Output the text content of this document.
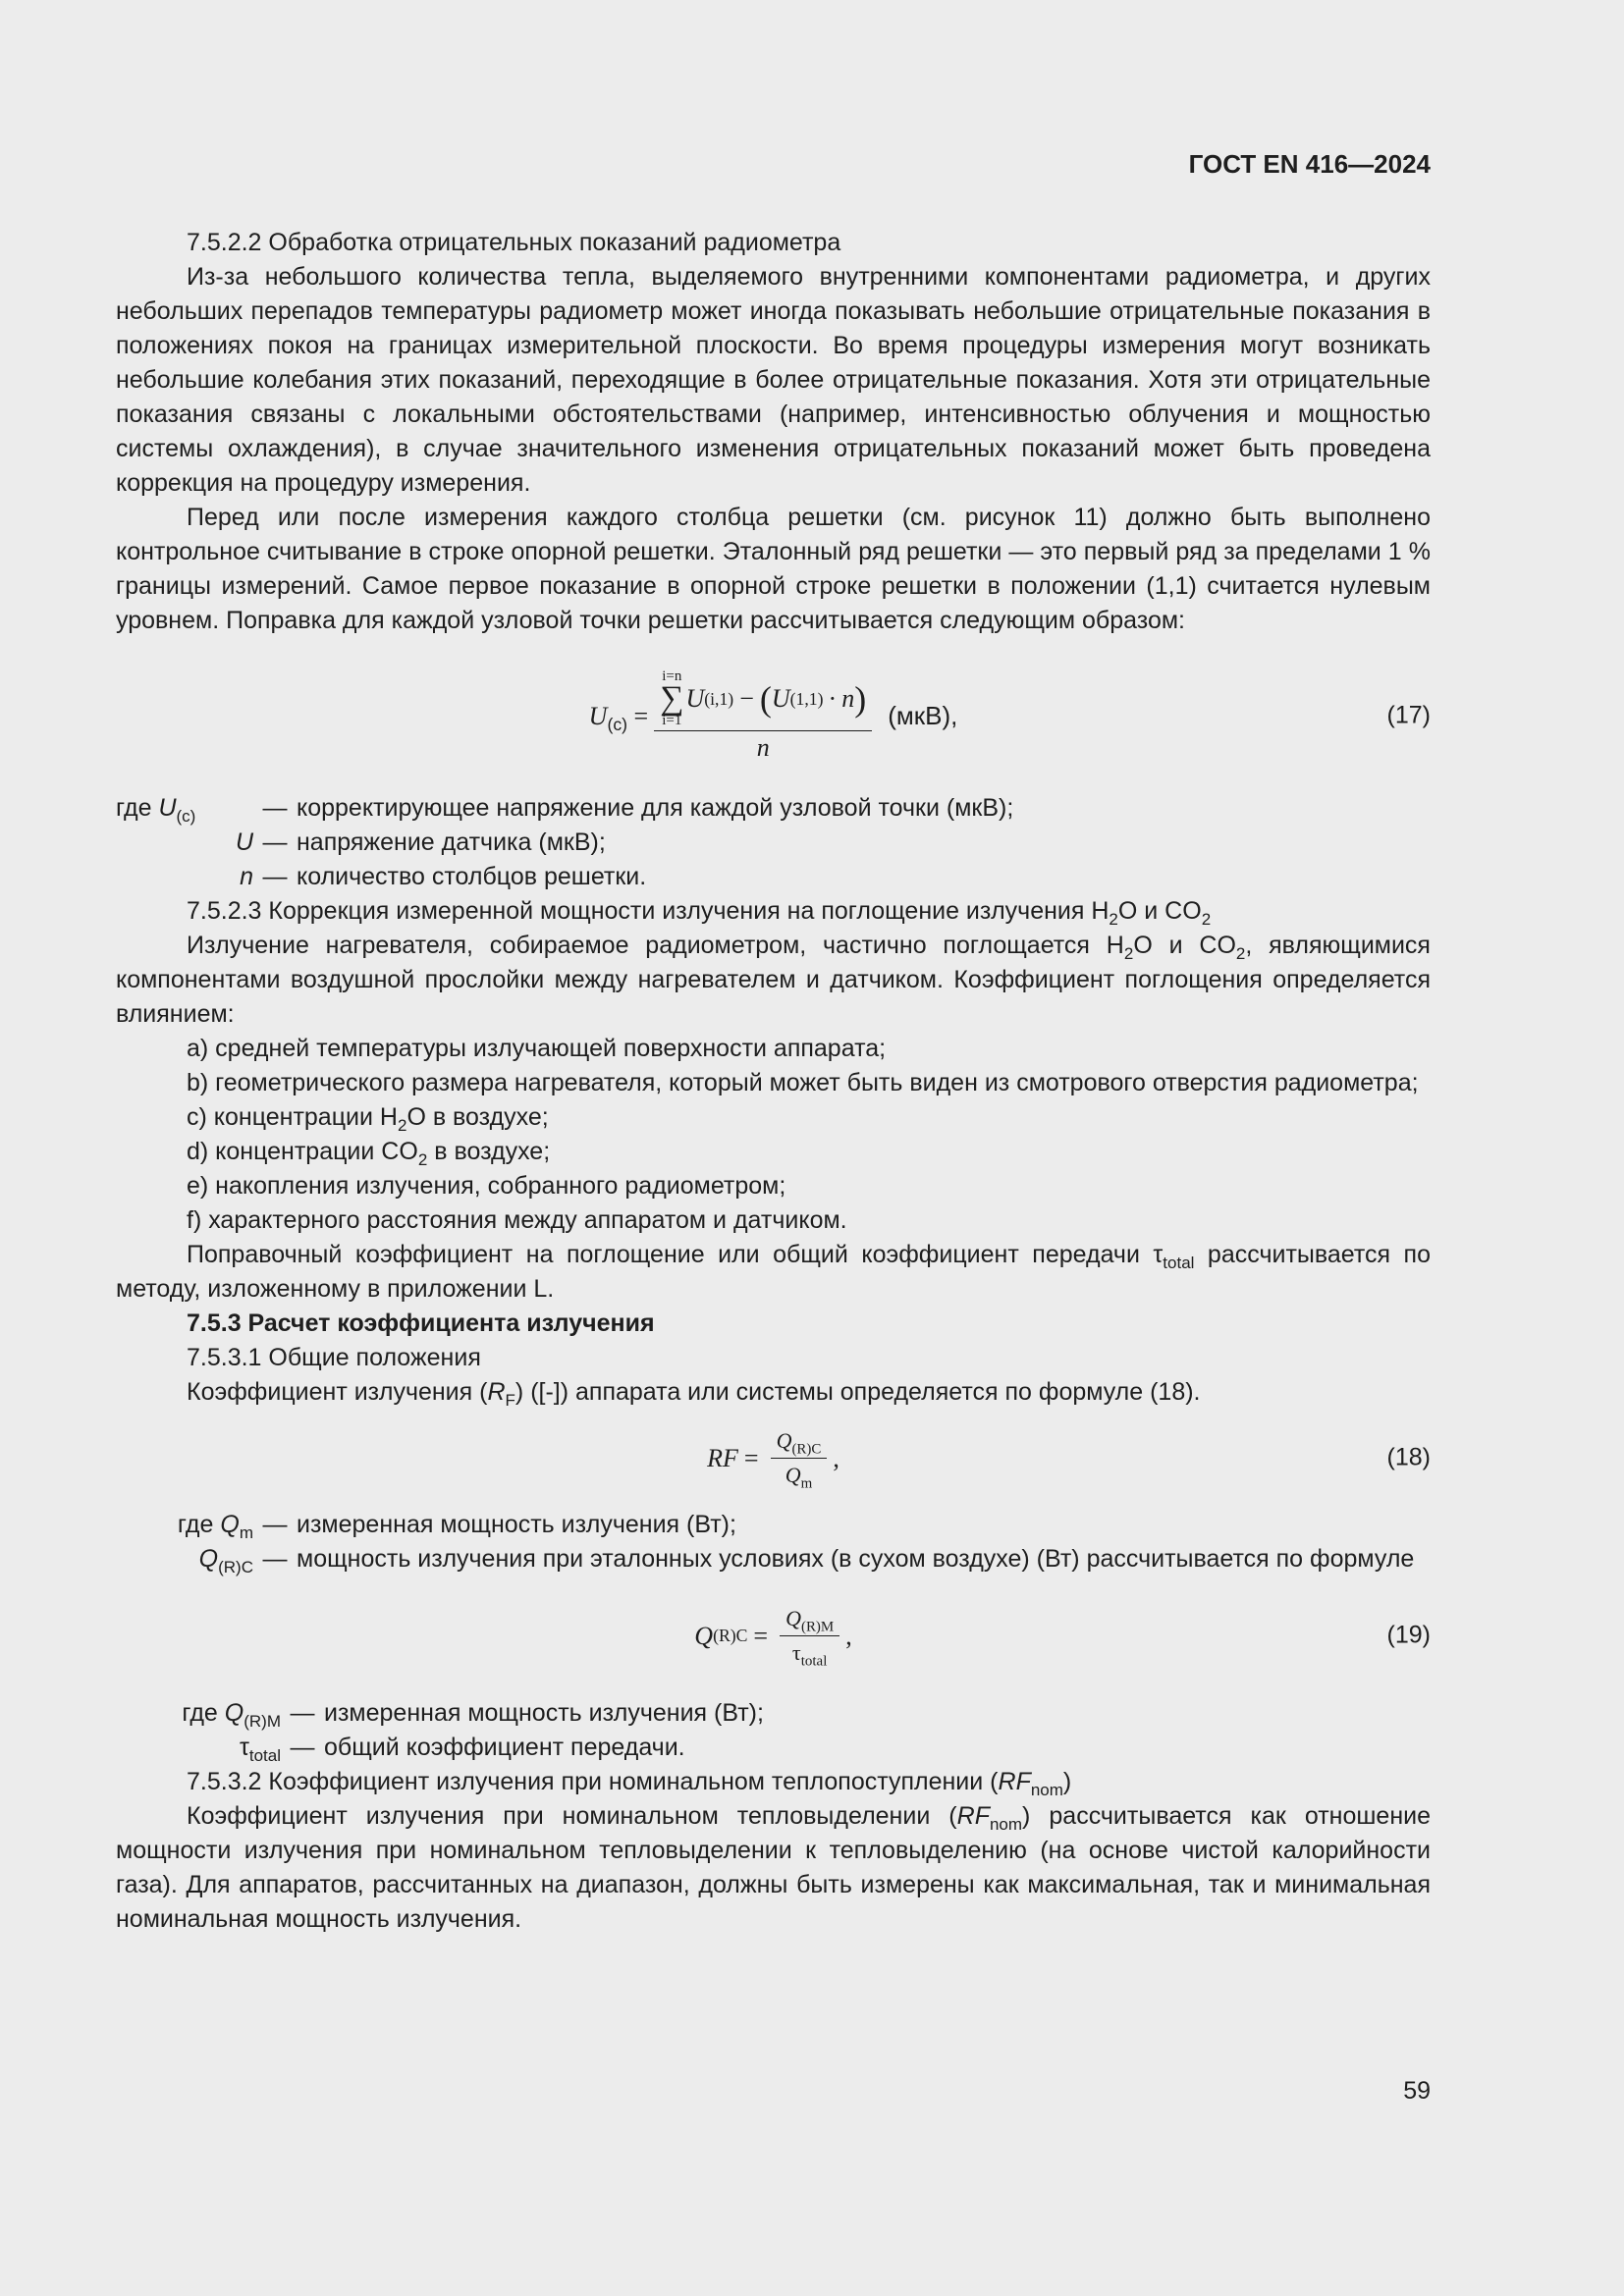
ГОСТ EN 416—2024

7.5.2.2 Обработка отрицательных показаний радиометра

Из-за небольшого количества тепла, выделяемого внутренними компонентами радиометра, и других небольших перепадов температуры радиометр может иногда показывать небольшие отрицательные показания в положениях покоя на границах измерительной плоскости. Во время процедуры измерения могут возникать небольшие колебания этих показаний, переходящие в более отрицательные показания. Хотя эти отрицательные показания связаны с локальными обстоятельствами (например, интенсивностью облучения и мощностью системы охлаждения), в случае значительного изменения отрицательных показаний может быть проведена коррекция на процедуру измерения.

Перед или после измерения каждого столбца решетки (см. рисунок 11) должно быть выполнено контрольное считывание в строке опорной решетки. Эталонный ряд решетки — это первый ряд за пределами 1 % границы измерений. Самое первое показание в опорной строке решетки в положении (1,1) считается нулевым уровнем. Поправка для каждой узловой точки решетки рассчитывается следующим образом:

$U_{(c)}$ =
i=n
∑
i=1
U (i,1) − ( U (1,1) · n )
n
(мкВ),	(17)
где $U_{(c)}$	— корректирующее напряжение для каждой узловой точки (мкВ);
U — напряжение датчика (мкВ);
n — количество столбцов решетки.

7.5.2.3 Коррекция измеренной мощности излучения на поглощение излучения $H_2O$ и $CO_2$

Излучение нагревателя, собираемое радиометром, частично поглощается $H_2O$ и $CO_2$, являющимися компонентами воздушной прослойки между нагревателем и датчиком. Коэффициент поглощения определяется влиянием:

a) средней температуры излучающей поверхности аппарата;

b) геометрического размера нагревателя, который может быть виден из смотрового отверстия радиометра;

c) концентрации $H_2O$ в воздухе;

d) концентрации $CO_2$ в воздухе;

e) накопления излучения, собранного радиометром;

f) характерного расстояния между аппаратом и датчиком.

Поправочный коэффициент на поглощение или общий коэффициент передачи $\tau_{total}$ рассчитывается по методу, изложенному в приложении L.

7.5.3 Расчет коэффициента излучения

7.5.3.1 Общие положения

Коэффициент излучения $(R_F)$ ([-]) аппарата или системы определяется по формуле (18).

RF = $\frac{Q_{(R)C}}{Q_m}$ ,	(18)
где $Q_m$ — измеренная мощность излучения (Вт);
$Q_{(R)C}$ — мощность излучения при эталонных условиях (в сухом воздухе) (Вт) рассчитывается по формуле
Q $(R)C = \frac{Q_{(R)M}}{\tau_{total}}$ ,	(19)
где $Q_{(R)M}$ — измеренная мощность излучения (Вт);
$\tau_{total}$ — общий коэффициент передачи.

7.5.3.2 Коэффициент излучения при номинальном теплопоступлении $(RF_{nom})$

Коэффициент излучения при номинальном тепловыделении $(RF_{nom})$ рассчитывается как отношение мощности излучения при номинальном тепловыделении к тепловыделению (на основе чистой калорийности газа). Для аппаратов, рассчитанных на диапазон, должны быть измерены как максимальная, так и минимальная номинальная мощность излучения.

59
